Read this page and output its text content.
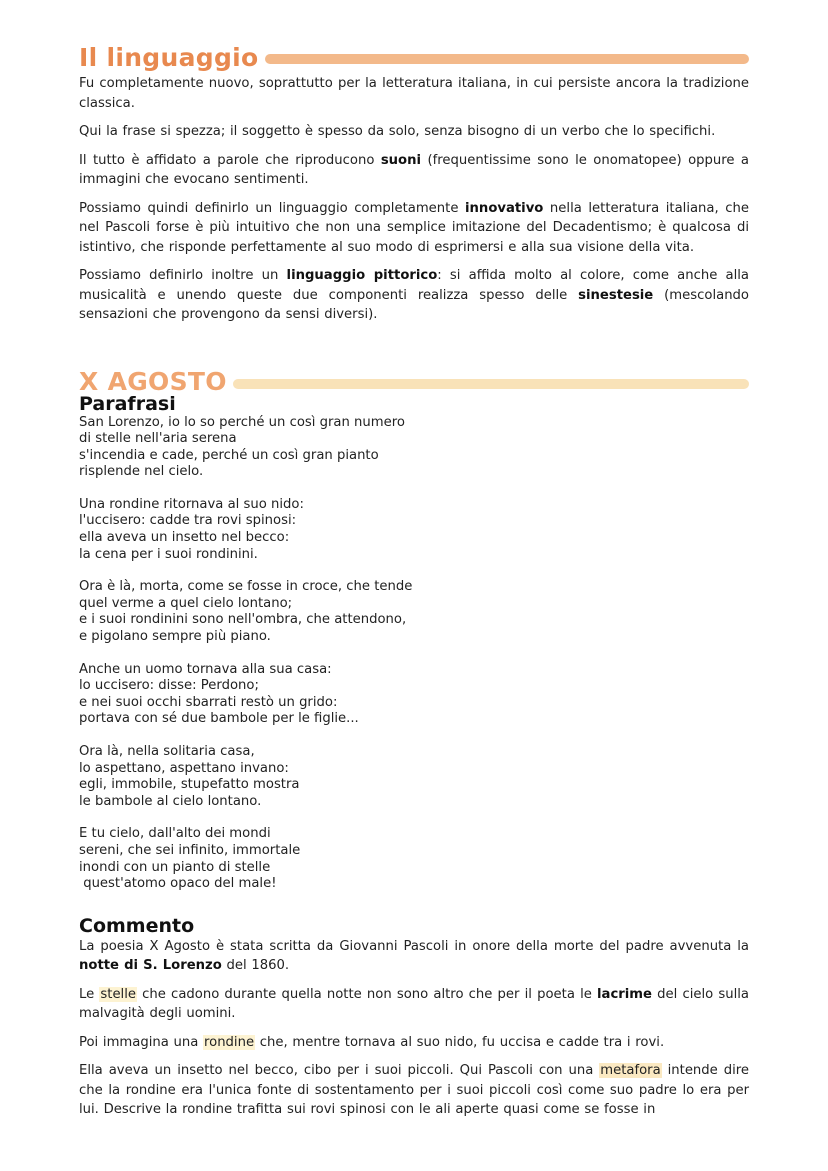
Il linguaggio

Fu completamente nuovo, soprattutto per la letteratura italiana, in cui persiste ancora la tradizione classica.

Qui la frase si spezza; il soggetto è spesso da solo, senza bisogno di un verbo che lo specifichi.

Il tutto è affidato a parole che riproducono suoni (frequentissime sono le onomatopee) oppure a immagini che evocano sentimenti.

Possiamo quindi definirlo un linguaggio completamente innovativo nella letteratura italiana, che nel Pascoli forse è più intuitivo che non una semplice imitazione del Decadentismo; è qualcosa di istintivo, che risponde perfettamente al suo modo di esprimersi e alla sua visione della vita.

Possiamo definirlo inoltre un linguaggio pittorico: si affida molto al colore, come anche alla musicalità e unendo queste due componenti realizza spesso delle sinestesie (mescolando sensazioni che provengono da sensi diversi).

X AGOSTO
Parafrasi
San Lorenzo, io lo so perché un così gran numero
di stelle nell'aria serena
s'incendia e cade, perché un così gran pianto
risplende nel cielo.
Una rondine ritornava al suo nido:
l'uccisero: cadde tra rovi spinosi:
ella aveva un insetto nel becco:
la cena per i suoi rondinini.
Ora è là, morta, come se fosse in croce, che tende
quel verme a quel cielo lontano;
e i suoi rondinini sono nell'ombra, che attendono,
e pigolano sempre più piano.
Anche un uomo tornava alla sua casa:
lo uccisero: disse: Perdono;
e nei suoi occhi sbarrati restò un grido:
portava con sé due bambole per le figlie...
Ora là, nella solitaria casa,
lo aspettano, aspettano invano:
egli, immobile, stupefatto mostra
le bambole al cielo lontano.
E tu cielo, dall'alto dei mondi
sereni, che sei infinito, immortale
inondi con un pianto di stelle
quest'atomo opaco del male!
Commento

La poesia X Agosto è stata scritta da Giovanni Pascoli in onore della morte del padre avvenuta la notte di S. Lorenzo del 1860.

Le stelle che cadono durante quella notte non sono altro che per il poeta le lacrime del cielo sulla malvagità degli uomini.

Poi immagina una rondine che, mentre tornava al suo nido, fu uccisa e cadde tra i rovi.

Ella aveva un insetto nel becco, cibo per i suoi piccoli. Qui Pascoli con una metafora intende dire che la rondine era l'unica fonte di sostentamento per i suoi piccoli così come suo padre lo era per lui. Descrive la rondine trafitta sui rovi spinosi con le ali aperte quasi come se fosse in
